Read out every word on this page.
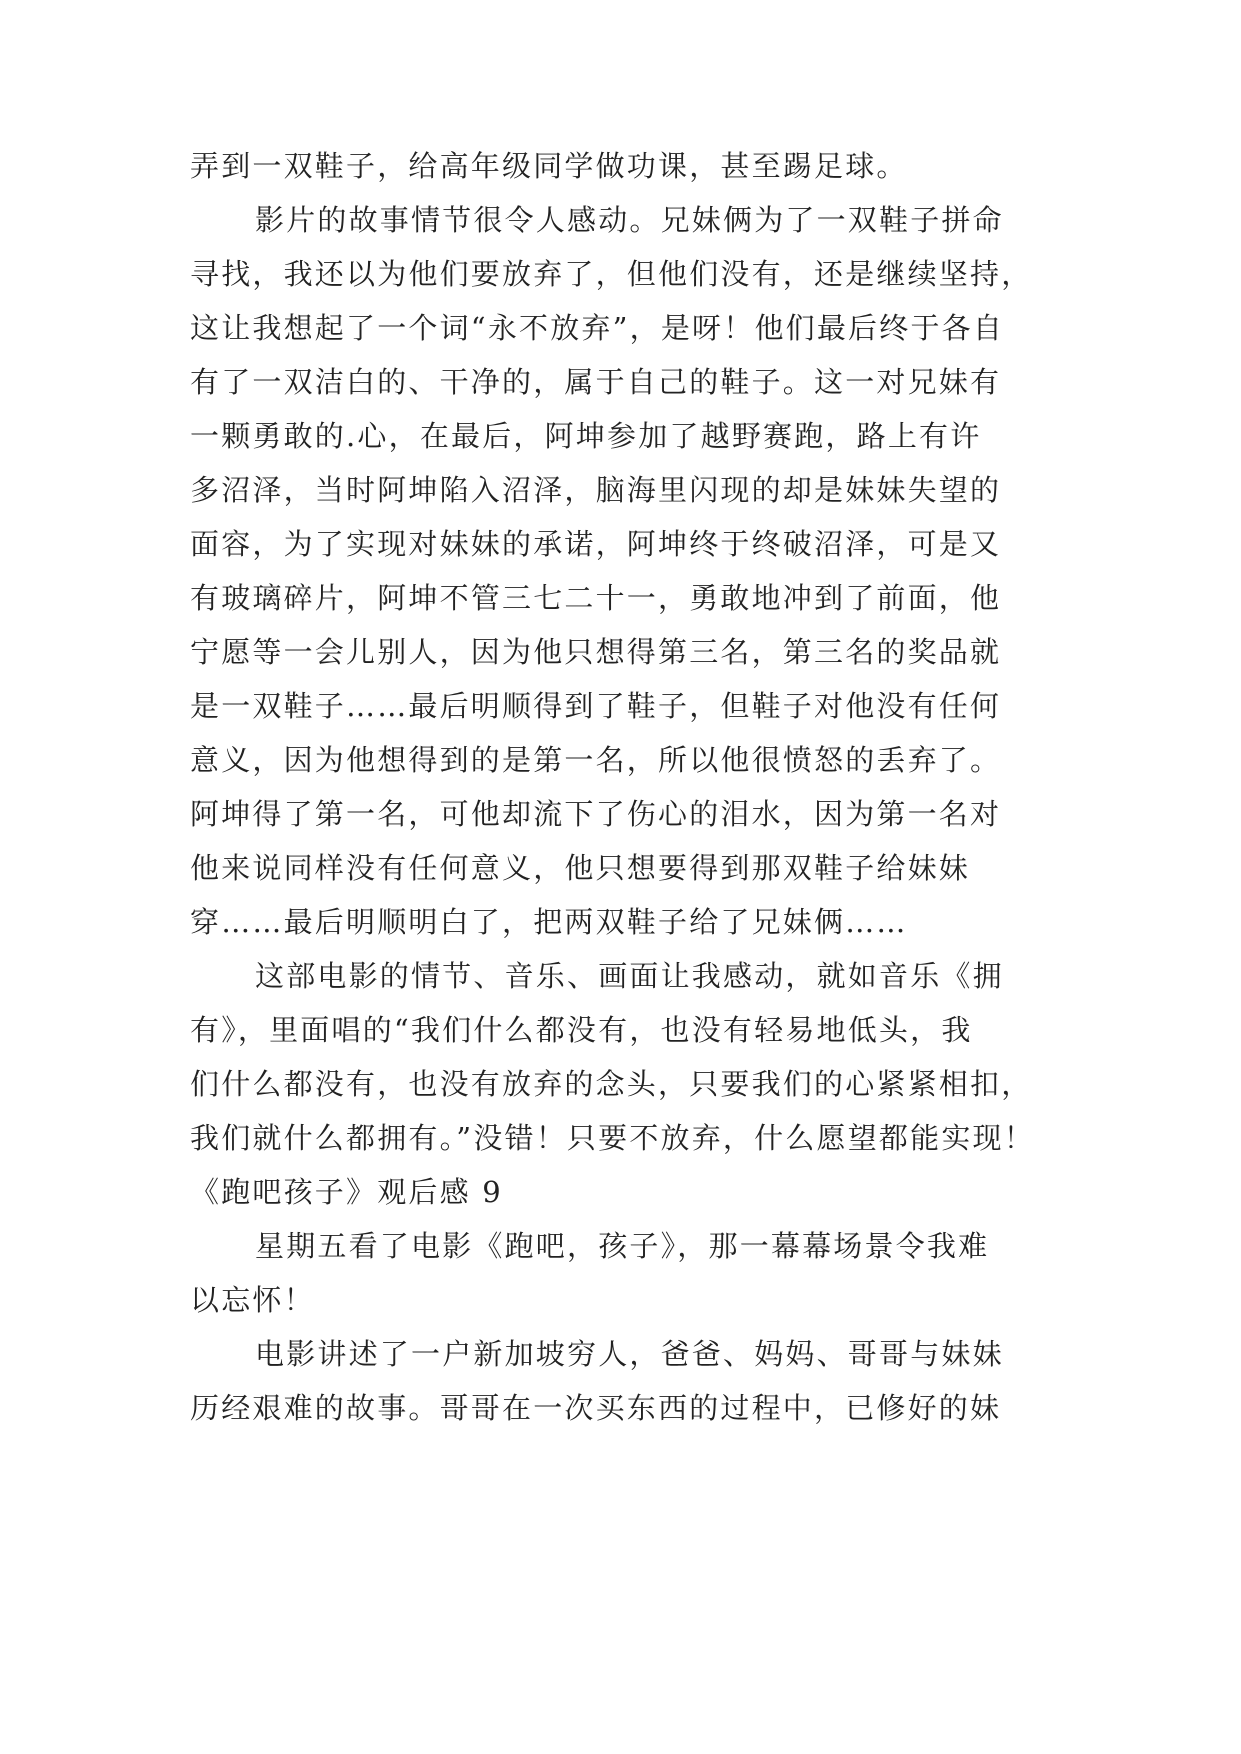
弄到一双鞋子，给高年级同学做功课，甚至踢足球。
影片的故事情节很令人感动。兄妹俩为了一双鞋子拼命
寻找，我还以为他们要放弃了，但他们没有，还是继续坚持，
这让我想起了一个词“永不放弃”，是呀！他们最后终于各自
有了一双洁白的、干净的，属于自己的鞋子。这一对兄妹有
一颗勇敢的.心，在最后，阿坤参加了越野赛跑，路上有许
多沼泽，当时阿坤陷入沼泽，脑海里闪现的却是妹妹失望的
面容，为了实现对妹妹的承诺，阿坤终于终破沼泽，可是又
有玻璃碎片，阿坤不管三七二十一，勇敢地冲到了前面，他
宁愿等一会儿别人，因为他只想得第三名，第三名的奖品就
是一双鞋子……最后明顺得到了鞋子，但鞋子对他没有任何
意义，因为他想得到的是第一名，所以他很愤怒的丢弃了。
阿坤得了第一名，可他却流下了伤心的泪水，因为第一名对
他来说同样没有任何意义，他只想要得到那双鞋子给妹妹
穿……最后明顺明白了，把两双鞋子给了兄妹俩……
这部电影的情节、音乐、画面让我感动，就如音乐《拥
有》，里面唱的“我们什么都没有，也没有轻易地低头，我
们什么都没有，也没有放弃的念头，只要我们的心紧紧相扣，
我们就什么都拥有。”没错！只要不放弃，什么愿望都能实现！
《跑吧孩子》观后感 9
星期五看了电影《跑吧，孩子》，那一幕幕场景令我难
以忘怀！
电影讲述了一户新加坡穷人，爸爸、妈妈、哥哥与妹妹
历经艰难的故事。哥哥在一次买东西的过程中，已修好的妹
